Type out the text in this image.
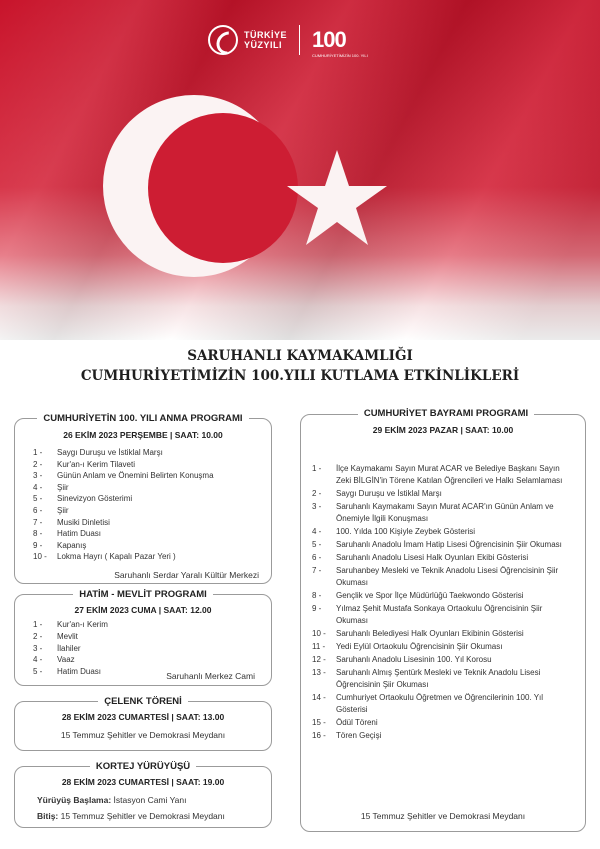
TÜRKİYE
YÜZYILI 100
CUMHURİYETİMİZİN 100. YILI
SARUHANLI KAYMAKAMLIĞI
CUMHURİYETİMİZİN 100.YILI KUTLAMA ETKİNLİKLERİ
CUMHURİYETİN 100. YILI ANMA PROGRAMI
26 EKİM 2023 PERŞEMBE | SAAT: 10.00
1 -	Saygı Duruşu ve İstiklal Marşı
2 -	Kur'an-ı Kerim Tilaveti
3 -	Günün Anlam ve Önemini Belirten Konuşma
4 -	Şiir
5 -	Sinevizyon Gösterimi
6 -	Şiir
7 -	Musiki Dinletisi
8 -	Hatim Duası
9 -	Kapanış
10 -	Lokma Hayrı ( Kapalı Pazar Yeri )
Saruhanlı Serdar Yaralı Kültür Merkezi
HATİM - MEVLİT PROGRAMI
27 EKİM 2023 CUMA | SAAT: 12.00
1 -	Kur'an-ı Kerim
2 -	Mevlit
3 -	İlahiler
4 -	Vaaz
5 -	Hatim Duası	Saruhanlı Merkez Cami
ÇELENK TÖRENİ
28 EKİM 2023 CUMARTESİ | SAAT: 13.00
15 Temmuz Şehitler ve Demokrasi Meydanı
KORTEJ YÜRÜYÜŞÜ
28 EKİM 2023 CUMARTESİ | SAAT: 19.00
Yürüyüş Başlama: İstasyon Cami Yanı
Bitiş: 15 Temmuz Şehitler ve Demokrasi Meydanı
CUMHURİYET BAYRAMI PROGRAMI
29 EKİM 2023 PAZAR | SAAT: 10.00
1 -	İlçe Kaymakamı Sayın Murat ACAR ve Belediye Başkanı Sayın Zeki BİLGİN'in Törene Katılan Öğrencileri ve Halkı Selamlaması
2 -	Saygı Duruşu ve İstiklal Marşı
3 -	Saruhanlı Kaymakamı Sayın Murat ACAR'ın Günün Anlam ve Önemiyle İlgili Konuşması
4 -	100. Yılda 100 Kişiyle Zeybek Gösterisi
5 -	Saruhanlı Anadolu İmam Hatip Lisesi Öğrencisinin Şiir Okuması
6 -	Saruhanlı Anadolu Lisesi Halk Oyunları Ekibi Gösterisi
7 -	Saruhanbey Mesleki ve Teknik Anadolu Lisesi Öğrencisinin Şiir Okuması
8 -	Gençlik ve Spor İlçe Müdürlüğü Taekwondo Gösterisi
9 -	Yılmaz Şehit Mustafa Sonkaya Ortaokulu Öğrencisinin Şiir Okuması
10 -	Saruhanlı Belediyesi Halk Oyunları Ekibinin Gösterisi
11 -	Yedi Eylül Ortaokulu Öğrencisinin Şiir Okuması
12 -	Saruhanlı Anadolu Lisesinin 100. Yıl Korosu
13 -	Saruhanlı Almış Şentürk Mesleki ve Teknik Anadolu Lisesi Öğrencisinin Şiir Okuması
14 -	Cumhuriyet Ortaokulu Öğretmen ve Öğrencilerinin 100. Yıl Gösterisi
15 -	Ödül Töreni
16 -	Tören Geçişi
15 Temmuz Şehitler ve Demokrasi Meydanı
